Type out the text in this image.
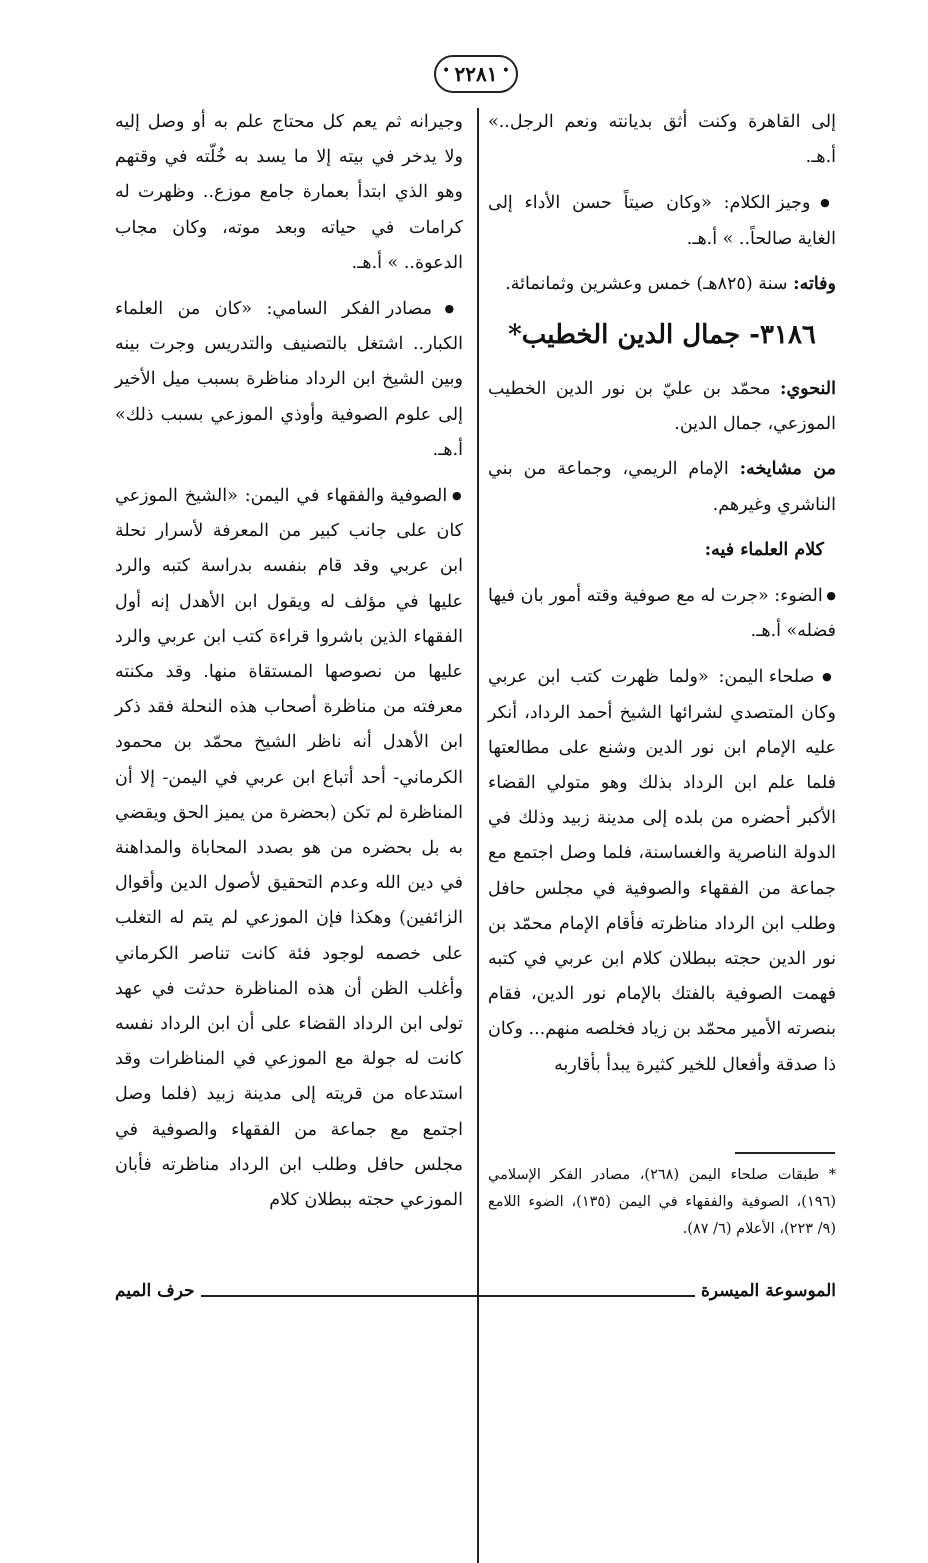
• ٢٢٨١
•

إلى القاهرة وكنت أثق بديانته ونعم الرجل..» أ.هـ.

● وجيز الكلام: «وكان صيتاً حسن الأداء إلى الغاية صالحاً.. » أ.هـ.

وفاته: سنة (٨٢٥هـ) خمس وعشرين وثمانمائة.

٣١٨٦- جمال الدين الخطيب*

النحوي: محمّد بن عليّ بن نور الدين الخطيب الموزعي، جمال الدين.

من مشايخه: الإمام الريمي، وجماعة من بني الناشري وغيرهم.

كلام العلماء فيه:

● الضوء: «جرت له مع صوفية وقته أمور بان فيها فضله» أ.هـ.

● صلحاء اليمن: «ولما ظهرت كتب ابن عربي وكان المتصدي لشرائها الشيخ أحمد الرداد، أنكر عليه الإمام ابن نور الدين وشنع على مطالعتها فلما علم ابن الرداد بذلك وهو متولي القضاء الأكبر أحضره من بلده إلى مدينة زبيد وذلك في الدولة الناصرية والغساسنة، فلما وصل اجتمع مع جماعة من الفقهاء والصوفية في مجلس حافل وطلب ابن الرداد مناظرته فأقام الإمام محمّد بن نور الدين حجته ببطلان كلام ابن عربي في كتبه فهمت الصوفية بالفتك بالإمام نور الدين، فقام بنصرته الأمير محمّد بن زياد فخلصه منهم... وكان ذا صدقة وأفعال للخير كثيرة يبدأ بأقاربه

وجيرانه ثم يعم كل محتاج علم به أو وصل إليه ولا يدخر في بيته إلا ما يسد به خُلّته في وقتهم وهو الذي ابتدأ بعمارة جامع موزع.. وظهرت له كرامات في حياته وبعد موته، وكان مجاب الدعوة.. » أ.هـ.

● مصادر الفكر السامي: «كان من العلماء الكبار.. اشتغل بالتصنيف والتدريس وجرت بينه وبين الشيخ ابن الرداد مناظرة بسبب ميل الأخير إلى علوم الصوفية وأوذي الموزعي بسبب ذلك» أ.هـ.

● الصوفية والفقهاء في اليمن: «الشيخ الموزعي كان على جانب كبير من المعرفة لأسرار نحلة ابن عربي وقد قام بنفسه بدراسة كتبه والرد عليها في مؤلف له ويقول ابن الأهدل إنه أول الفقهاء الذين باشروا قراءة كتب ابن عربي والرد عليها من نصوصها المستقاة منها. وقد مكنته معرفته من مناظرة أصحاب هذه النحلة فقد ذكر ابن الأهدل أنه ناظر الشيخ محمّد بن محمود الكرماني- أحد أتباع ابن عربي في اليمن- إلا أن المناظرة لم تكن (بحضرة من يميز الحق ويقضي به بل بحضره من هو بصدد المحاباة والمداهنة في دين الله وعدم التحقيق لأصول الدين وأقوال الزائفين) وهكذا فإن الموزعي لم يتم له التغلب على خصمه لوجود فئة كانت تناصر الكرماني وأغلب الظن أن هذه المناظرة حدثت في عهد تولى ابن الرداد القضاء على أن ابن الرداد نفسه كانت له جولة مع الموزعي في المناظرات وقد استدعاه من قريته إلى مدينة زبيد (فلما وصل اجتمع مع جماعة من الفقهاء والصوفية في مجلس حافل وطلب ابن الرداد مناظرته فأبان الموزعي حجته ببطلان كلام

* طبقات صلحاء اليمن (٢٦٨)، مصادر الفكر الإسلامي (١٩٦)، الصوفية والفقهاء في اليمن (١٣٥)، الضوء اللامع (٩/ ٢٢٣)، الأعلام (٦/ ٨٧).
الموسوعة الميسرة
حرف الميم
